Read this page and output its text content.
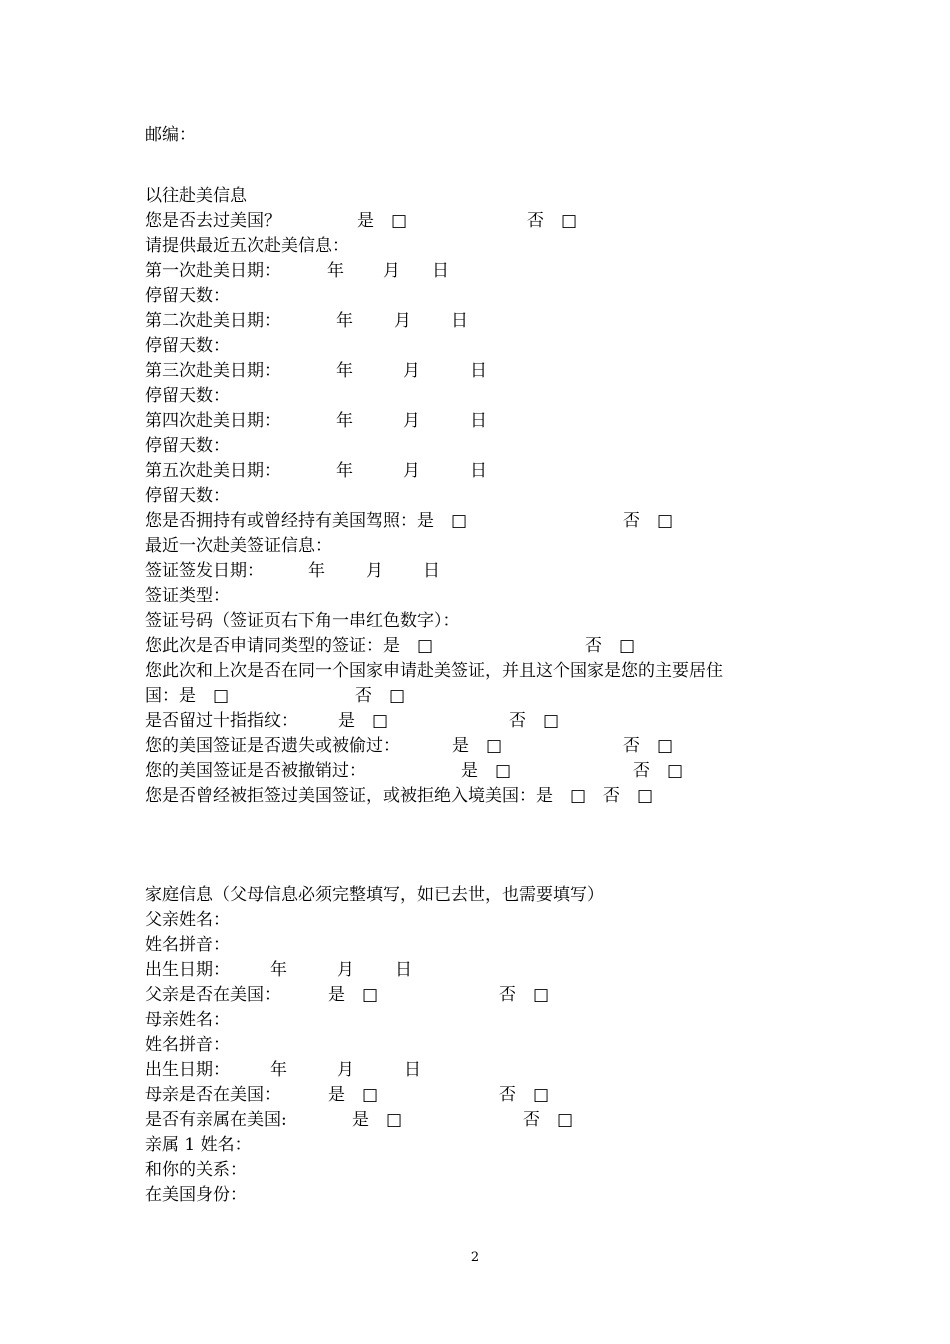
邮编：
以往赴美信息
您是否去过美国？	是　□	否　□
请提供最近五次赴美信息：
第一次赴美日期：	年 月 日
停留天数：
第二次赴美日期：	年 月 日
停留天数：
第三次赴美日期：	年	月	日
停留天数：
第四次赴美日期：	年	月	日
停留天数：
第五次赴美日期：	年	月	日
停留天数：
您是否拥持有或曾经持有美国驾照：是　□	否　□
最近一次赴美签证信息：
签证签发日期：	年 月 日
签证类型：
签证号码（签证页右下角一串红色数字）：
您此次是否申请同类型的签证：是　□	否　□
您此次和上次是否在同一个国家申请赴美签证，并且这个国家是您的主要居住
国：是　□	否　□
是否留过十指指纹： 是　□	否　□
您的美国签证是否遗失或被偷过：	是　□	否　□
您的美国签证是否被撤销过：	是　□	否　□
您是否曾经被拒签过美国签证，或被拒绝入境美国：是　□　否　□
家庭信息（父母信息必须完整填写，如已去世，也需要填写）
父亲姓名：
姓名拼音：
出生日期： 年	月 日
父亲是否在美国：	是　□	否　□
母亲姓名：
姓名拼音：
出生日期： 年	月	日
母亲是否在美国：	是　□	否　□
是否有亲属在美国:	是　□	否　□
亲属 1 姓名：
和你的关系：
在美国身份：
2
